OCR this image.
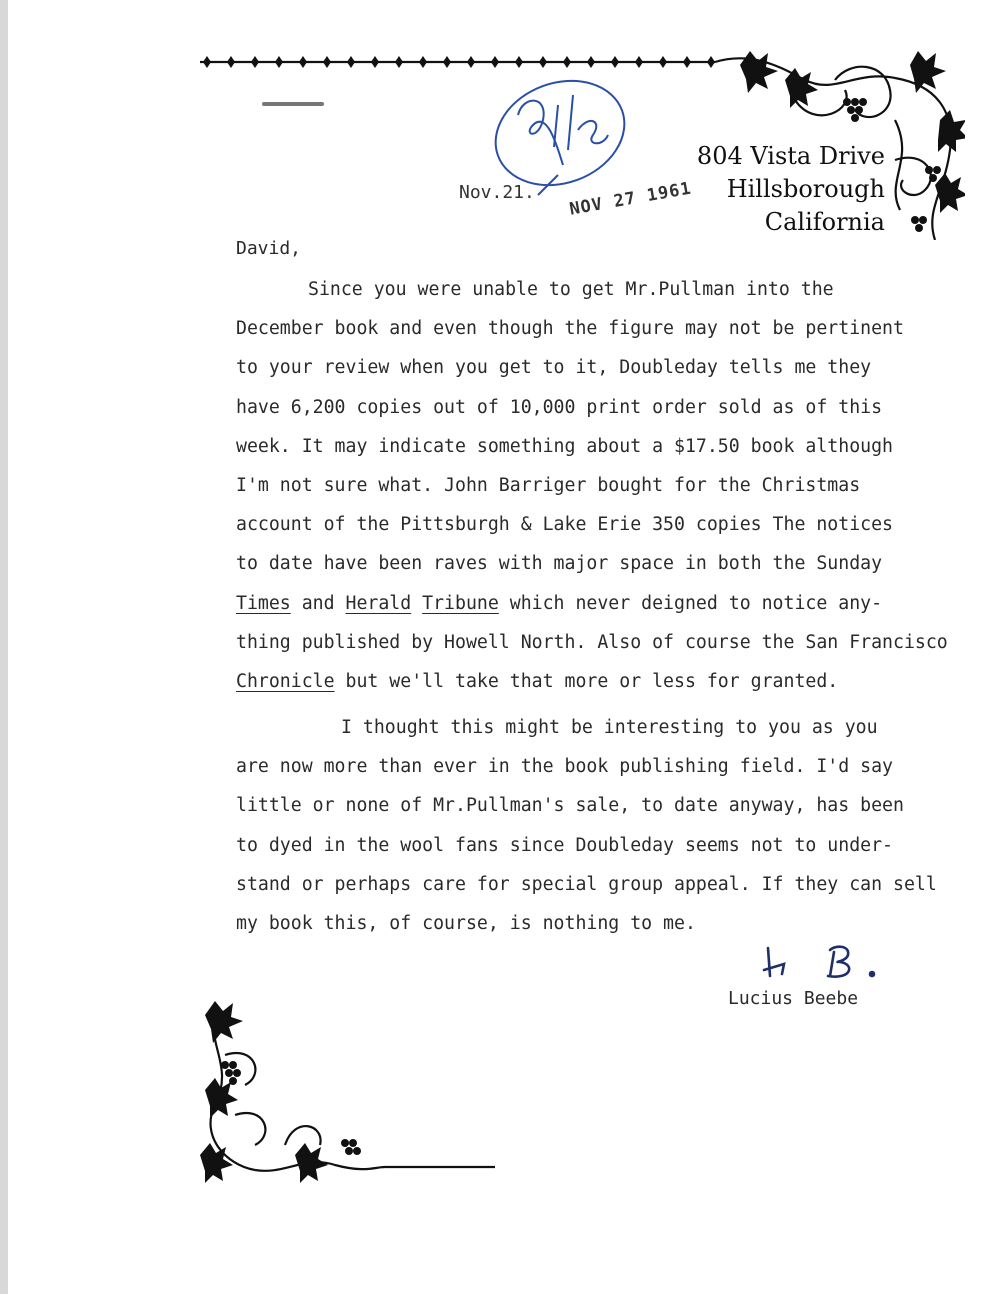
804 Vista Drive
Hillsborough
California
Nov.21. NOV 27 1961
David,
Since you were unable to get Mr.Pullman into the
December book and even though the figure may not be pertinent
to your review when you get to it, Doubleday tells me they
have 6,200 copies out of 10,000 print order sold as of this
week. It may indicate something about a $17.50 book although
I'm not sure what. John Barriger bought for the Christmas
account of the Pittsburgh & Lake Erie 350 copies The notices
to date have been raves with major space in both the Sunday
Times and Herald Tribune which never deigned to notice any-
thing published by Howell North. Also of course the San Francisco
Chronicle but we'll take that more or less for granted.
I thought this might be interesting to you as you
are now more than ever in the book publishing field. I'd say
little or none of Mr.Pullman's sale, to date anyway, has been
to dyed in the wool fans since Doubleday seems not to under-
stand or perhaps care for special group appeal. If they can sell
my book this, of course, is nothing to me.
Lucius Beebe
